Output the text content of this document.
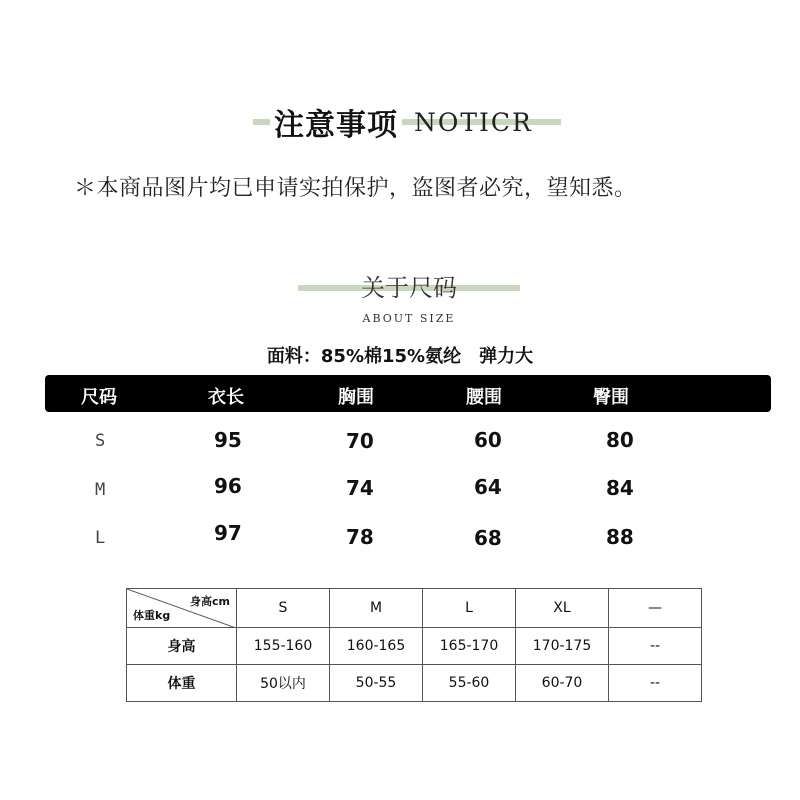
注意事项 NOTICR
＊本商品图片均已申请实拍保护，盗图者必究，望知悉。
关于尺码
ABOUT SIZE
面料：85%棉15%氨纶　弹力大
尺码	衣长	胸围	腰围	臀围
S	95	70	60	80
M	96	74	64	84
L	97	78	68	88
身高cm
体重kg	S	M	L	XL	—
身高	155-160	160-165	165-170	170-175	--
体重	50以内	50-55	55-60	60-70	--
